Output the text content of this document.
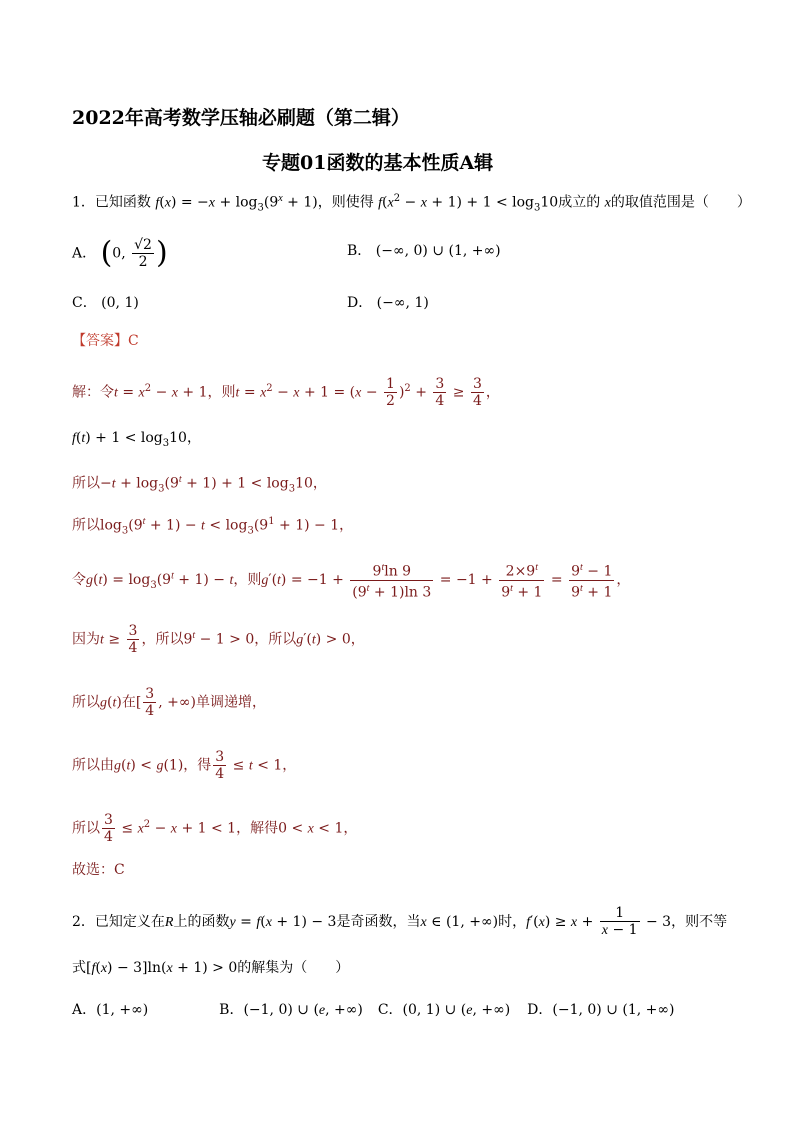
2022年高考数学压轴必刷题（第二辑）
专题01函数的基本性质A辑
1．已知函数 $f(x) = -x + \log_3(9^x + 1)$，则使得 $f(x^2 - x + 1) + 1 < \log_310$成立的 x的取值范围是（　　）
A． (0, $\frac{√2}{2}$ )	B． (−∞, 0) ∪ (1, +∞)
C． (0, 1)	D． (−∞, 1)
【答案】C
解：令$t = x^2 - x + 1$，则$t = x^2 - x + 1 = (x - \frac{1}{2} )^2 + \frac{3}{4} \ge \frac{3}{4}$ ，
$f(t) + 1 < \log_310$，
所以$-t + \log_3(9^t + 1) + 1 < \log_310$，
所以$\log_3(9^t + 1) - t < \log_3(9^1 + 1) - 1$，
令$g(t) = \log_3(9^t + 1) - t$，则$g'(t) = -1 + \frac{9^t\ln 9}{(9^t + 1)\ln 3} = -1 + \frac{2\times 9^t}{9^t + 1} = \frac{9^t - 1}{9^t + 1}$ ，
因为$t \ge \frac{3}{4}$ ，所以$9^t - 1 > 0$，所以g′(t) > 0，
所以g(t)在[ $\frac{3}{4}$ , +∞)单调递增，
所以由g(t) < g(1)，得 $\frac{3}{4} \le t < 1$，
所以 $\frac{3}{4} \le x^2 - x + 1 < 1$，解得0 < x < 1，
故选：C
2．已知定义在R上的函数y = f(x + 1) − 3是奇函数，当x ∈ (1, +∞)时，$f'(x) \ge x + \frac{1}{x - 1} - 3$，则不等
式[f(x) − 3]ln(x + 1) > 0的解集为（　　）
A．(1, +∞)	B．(−1, 0) ∪ (e, +∞) C．(0, 1) ∪ (e, +∞) D．(−1, 0) ∪ (1, +∞)
